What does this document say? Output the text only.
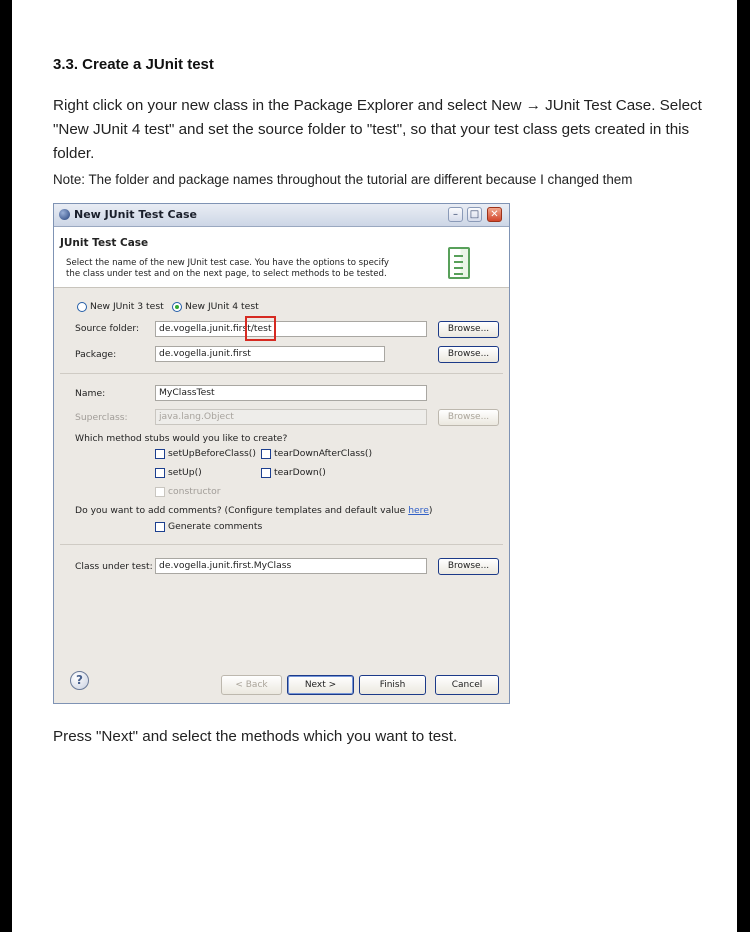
3.3. Create a JUnit test
Right click on your new class in the Package Explorer and select New → JUnit Test Case. Select "New JUnit 4 test" and set the source folder to "test", so that your test class gets created in this folder.
Note: The folder and package names throughout the tutorial are different because I changed them
New JUnit Test Case	–	□	✕
JUnit Test Case
Select the name of the new JUnit test case. You have the options to specify the class under test and on the next page, to select methods to be tested.
New JUnit 3 test New JUnit 4 test
Source folder:	de.vogella.junit.first/test	Browse...
Package:	de.vogella.junit.first	Browse...
Name:	MyClassTest
Superclass:	java.lang.Object	Browse...
Which method stubs would you like to create?
setUpBeforeClass() tearDownAfterClass()
setUp()	tearDown()
constructor
Do you want to add comments? (Configure templates and default value here)
Generate comments
Class under test: de.vogella.junit.first.MyClass	Browse...
?	< Back	Next >	Finish	Cancel
Press "Next" and select the methods which you want to test.
